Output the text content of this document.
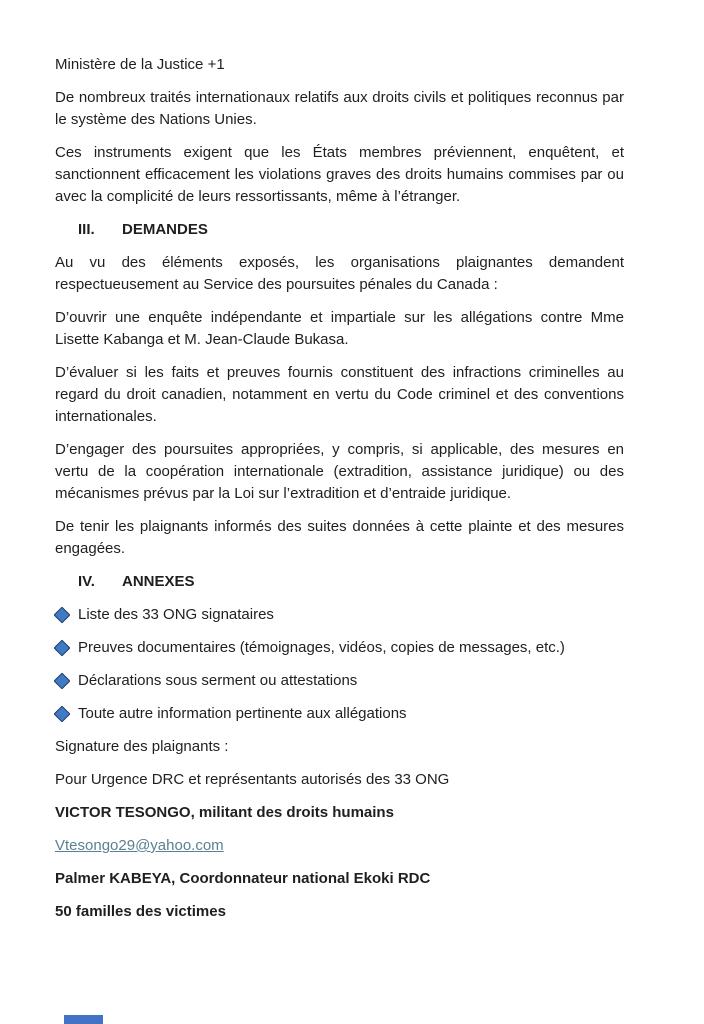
Ministère de la Justice +1

De nombreux traités internationaux relatifs aux droits civils et politiques reconnus par le système des Nations Unies.

Ces instruments exigent que les États membres préviennent, enquêtent, et sanctionnent efficacement les violations graves des droits humains commises par ou avec la complicité de leurs ressortissants, même à l’étranger.

III. DEMANDES

Au vu des éléments exposés, les organisations plaignantes demandent respectueusement au Service des poursuites pénales du Canada :

D’ouvrir une enquête indépendante et impartiale sur les allégations contre Mme Lisette Kabanga et M. Jean-Claude Bukasa.

D’évaluer si les faits et preuves fournis constituent des infractions criminelles au regard du droit canadien, notamment en vertu du Code criminel et des conventions internationales.

D’engager des poursuites appropriées, y compris, si applicable, des mesures en vertu de la coopération internationale (extradition, assistance juridique) ou des mécanismes prévus par la Loi sur l’extradition et d’entraide juridique.

De tenir les plaignants informés des suites données à cette plainte et des mesures engagées.

IV. ANNEXES

Liste des 33 ONG signataires
Preuves documentaires (témoignages, vidéos, copies de messages, etc.)
Déclarations sous serment ou attestations
Toute autre information pertinente aux allégations

Signature des plaignants :

Pour Urgence DRC et représentants autorisés des 33 ONG

VICTOR TESONGO, militant des droits humains

Vtesongo29@yahoo.com

Palmer KABEYA, Coordonnateur national Ekoki RDC

50 familles des victimes
